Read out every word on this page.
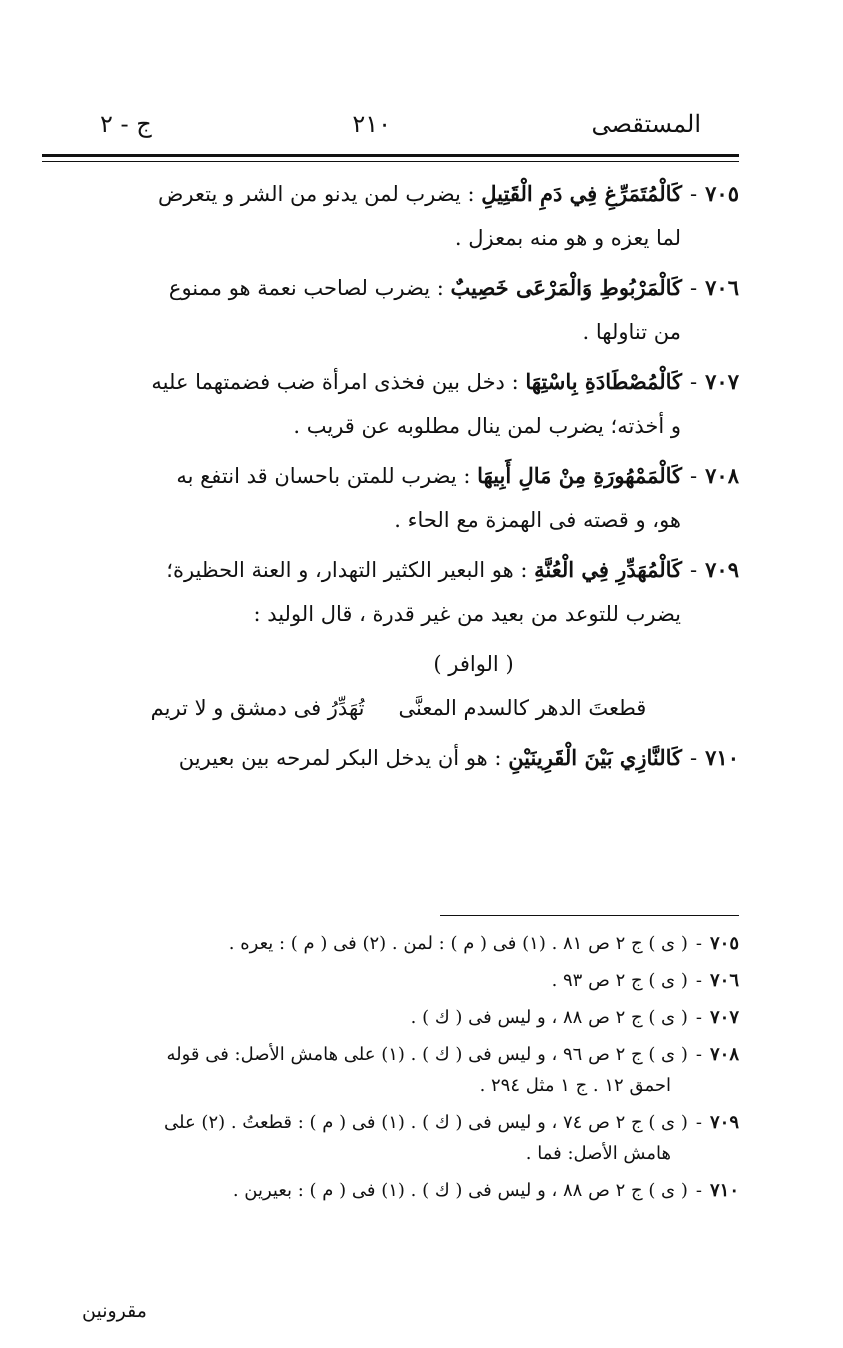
المستقصى
٢١٠
ج - ٢
٧٠٥-كَالْمُتَمَرِّغِ فِي دَمِ الْقَتِيلِ : يضرب لمن يدنو من الشر و يتعرض
لما يعزه و هو منه بمعزل .
٧٠٦-كَالْمَرْبُوطِ وَالْمَرْعَى خَصِيبٌ : يضرب لصاحب نعمة هو ممنوع
من تناولها .
٧٠٧-كَالْمُصْطَادَةِ بِاسْتِهَا : دخل بين فخذى امرأة ضب فضمتهما عليه
و أخذته؛ يضرب لمن ينال مطلوبه عن قريب .
٧٠٨-كَالْمَمْهُورَةِ مِنْ مَالِ أَبِيهَا : يضرب للمتن باحسان قد انتفع به
هو، و قصته فى الهمزة مع الحاء .
٧٠٩-كَالْمُهَدِّرِ فِي الْعُنَّةِ : هو البعير الكثير التهدار، و العنة الحظيرة؛
يضرب للتوعد من بعيد من غير قدرة ، قال الوليد :
( الوافر )
قطعتَ الدهر كالسدم المعنَّى
تُهَدِّرُ فى دمشق و لا تريم
٧١٠-كَالنَّازِي بَيْنَ الْقَرِينَيْنِ : هو أن يدخل البكر لمرحه بين بعيرين
٧٠٥-( ى ) ج ٢ ص ٨١ . (١) فى ( م ) : لمن . (٢) فى ( م ) : يعره .
٧٠٦-( ى ) ج ٢ ص ٩٣ .
٧٠٧-( ى ) ج ٢ ص ٨٨ ، و ليس فى ( ك ) .
٧٠٨-( ى ) ج ٢ ص ٩٦ ، و ليس فى ( ك ) . (١) على هامش الأصل: فى قوله
احمق ١٢ . ج ١ مثل ٢٩٤ .
٧٠٩-( ى ) ج ٢ ص ٧٤ ، و ليس فى ( ك ) . (١) فى ( م ) : قطعتُ . (٢) على
هامش الأصل: فما .
٧١٠-( ى ) ج ٢ ص ٨٨ ، و ليس فى ( ك ) . (١) فى ( م ) : بعيرين .
مقرونين
